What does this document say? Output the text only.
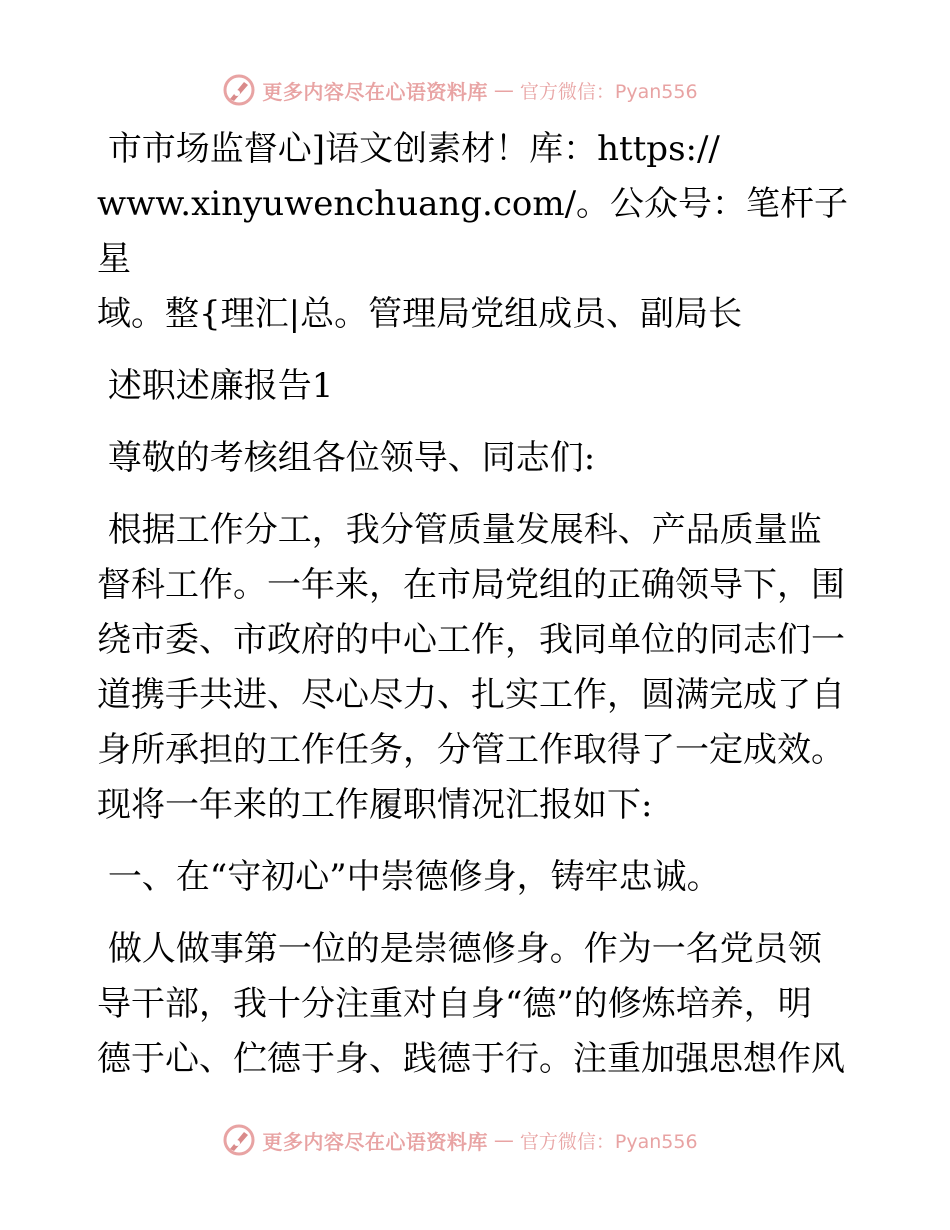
更多内容尽在心语资料库 — 官方微信：Pyan556

市市场监督心]语文创素材！库：https://

www.xinyuwenchuang.com/。公众号：笔杆子星

域。整{理汇|总。管理局党组成员、副局长

述职述廉报告1

尊敬的考核组各位领导、同志们:

根据工作分工，我分管质量发展科、产品质量监

督科工作。一年来，在市局党组的正确领导下，围

绕市委、市政府的中心工作，我同单位的同志们一

道携手共进、尽心尽力、扎实工作，圆满完成了自

身所承担的工作任务，分管工作取得了一定成效。

现将一年来的工作履职情况汇报如下:

一、在“守初心”中崇德修身，铸牢忠诚。

做人做事第一位的是崇德修身。作为一名党员领

导干部，我十分注重对自身“德”的修炼培养，明

德于心、伫德于身、践德于行。注重加强思想作风

更多内容尽在心语资料库 — 官方微信：Pyan556
